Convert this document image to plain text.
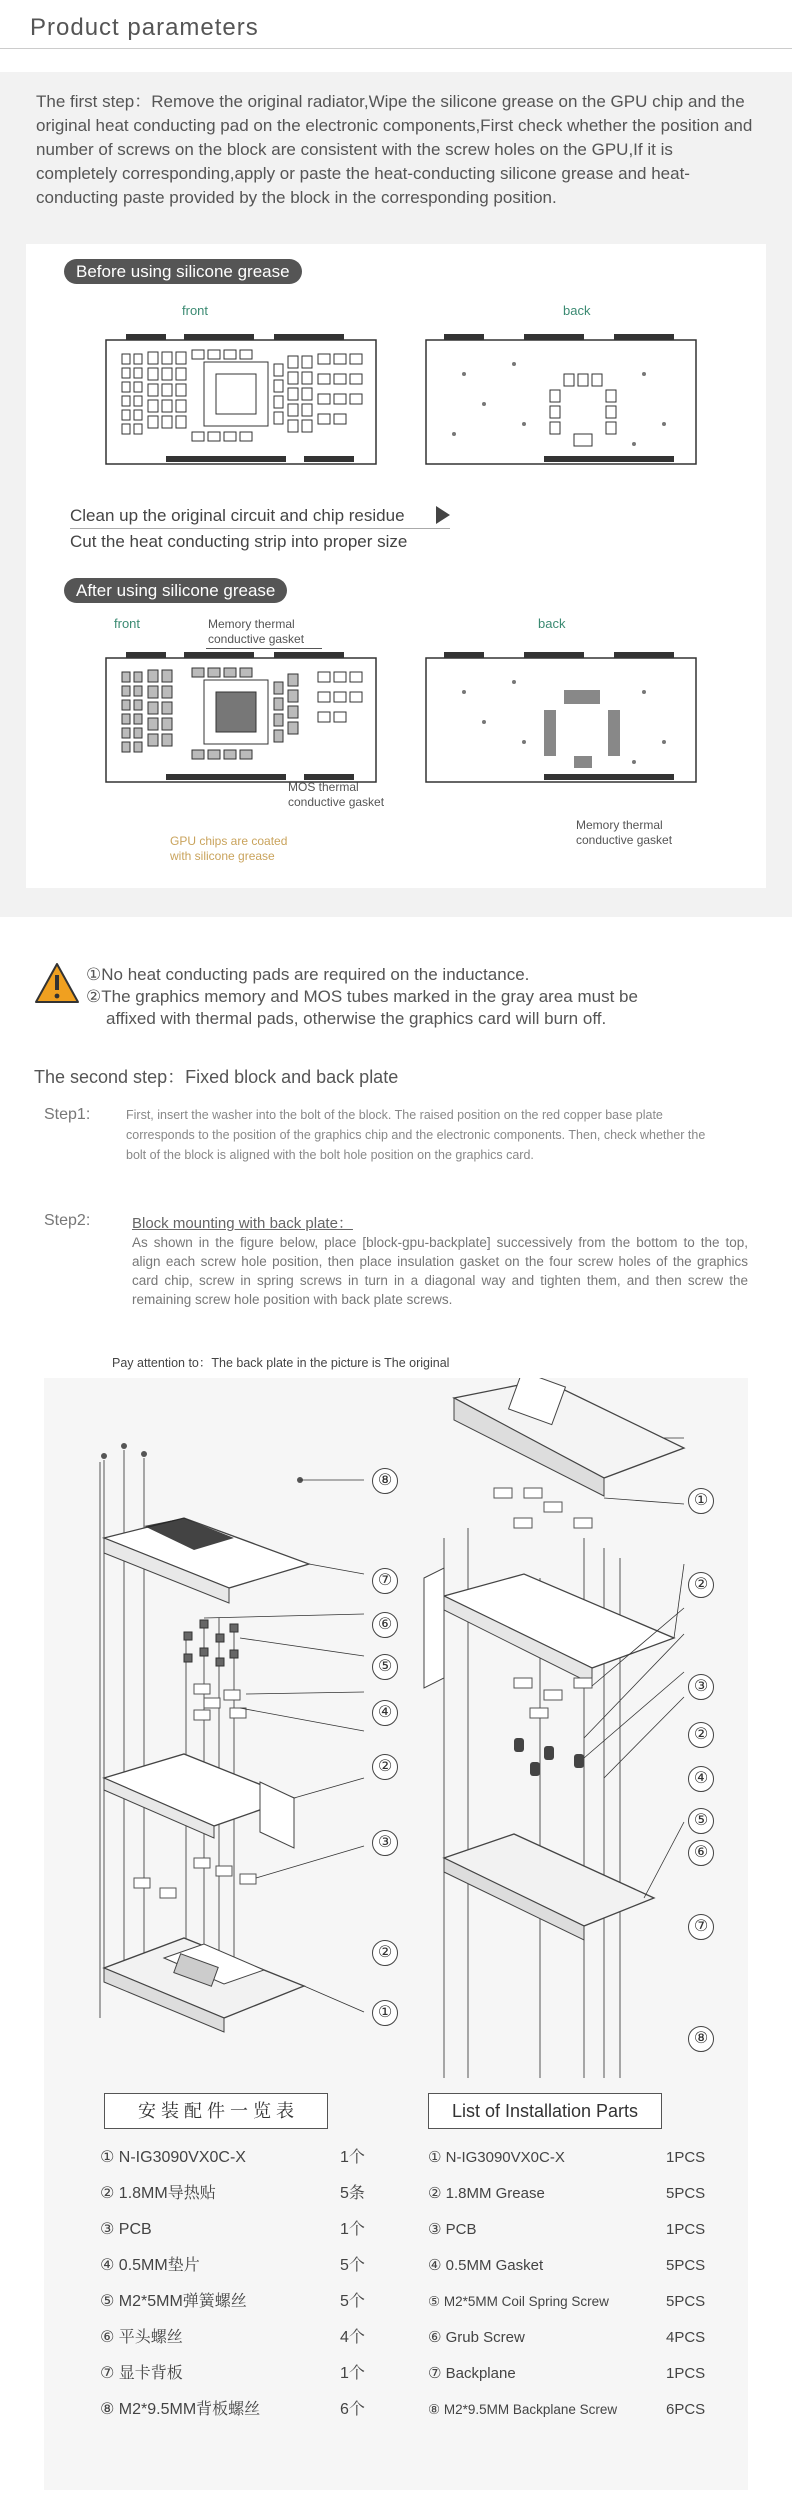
Product parameters
The first step：Remove the original radiator,Wipe the silicone grease on the GPU chip and the original heat conducting pad on the electronic components,First check whether the position and number of screws on the block are consistent with the screw holes on the GPU,If it is completely corresponding,apply or paste the heat-conducting silicone grease and heat-conducting paste provided by the block in the corresponding position.
Before using silicone grease
front	back
Clean up the original circuit and chip residue
Cut the heat conducting strip into proper size
After using silicone grease
front	back
Memory thermal
conductive gasket
MOS thermal
conductive gasket
GPU chips are coated
with silicone grease
Memory thermal
conductive gasket
①No heat conducting pads are required on the inductance.
②The graphics memory and MOS tubes marked in the gray area must be
affixed with thermal pads, otherwise the graphics card will burn off.
The second step：Fixed block and back plate
Step1:	First, insert the washer into the bolt of the block. The raised position on the red copper base plate corresponds to the position of the graphics chip and the electronic components. Then, check whether the bolt of the block is aligned with the bolt hole position on the graphics card.
Step2:	Block mounting with back plate：
As shown in the figure below, place [block-gpu-backplate] successively from the bottom to the top, align each screw hole position, then place insulation gasket on the four screw holes of the graphics card chip, screw in spring screws in turn in a diagonal way and tighten them, and then screw the remaining screw hole position with back plate screws.
Pay attention to：The back plate in the picture is The original
⑧
⑦
⑥
⑤
④
②
③
②
①
①
②
③
②
④
⑤
⑥
⑦
⑧
安 装 配 件 一 览 表	List of Installation Parts
① N-IG3090VX0C-X	1个
② 1.8MM导热贴	5条
③ PCB	1个
④ 0.5MM垫片	5个
⑤ M2*5MM弹簧螺丝	5个
⑥ 平头螺丝	4个
⑦ 显卡背板	1个
⑧ M2*9.5MM背板螺丝	6个
① N-IG3090VX0C-X	1PCS
② 1.8MM Grease	5PCS
③ PCB	1PCS
④ 0.5MM Gasket	5PCS
⑤ M2*5MM Coil Spring Screw	5PCS
⑥ Grub Screw	4PCS
⑦ Backplane	1PCS
⑧ M2*9.5MM Backplane Screw	6PCS
